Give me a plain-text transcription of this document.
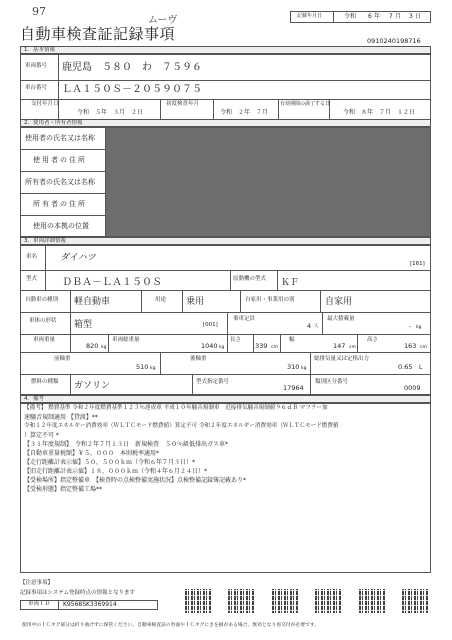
97
ムーヴ
自動車検査証記録事項
記載年月日	令和 6 年 7 月 3 日
0910240198716
1．基本情報
車両番号 鹿児島　５８０　わ　７５９６
車台番号 ＬＡ１５０Ｓ－２０５９０７５
交付年月日
令和　５年　３月　２日
初度検査年月
令和　２年　７月
有効期間の満了する日
令和　８年　７月　１２日
2．使用者・所有者情報
使用者の氏名又は名称
使用者の住所
所有者の氏名又は名称
所有者の住所
使用の本拠の位置
3．車両詳細情報
車名	ダイハツ
[161]
型式 ＤＢＡ－ＬＡ１５０Ｓ	原動機の型式 ＫＦ
自動車の種別 軽自動車	用途 乗用	自家用・事業用の別	自家用
車体の形状 箱型	[001]
乗車定員
4 人
最大積載量
- kg
車両重量
820 kg
車両総重量
1040 kg
長さ
339 cm
幅
147 cm
高さ
163 cm
前軸重
510 kg
後軸重
310 kg
総排気量又は定格出力
0.65 L
燃料の種類 ガソリン	型式指定番号
17964
類別区分番号
0009
4．備考
【備考】 燃費基準 令和２年度燃費基準１２３％達成車 平成１０年騒音規制車　近接排気騒音規制値９６ｄＢ マフラー加
速騒音規制適用 【貸渡】**
令和１２年度エネルギー消費効率（ＷＬＴＣモード燃費値）算定不可 令和２年度エネルギー消費効率（ＷＬＴＣモード燃費値
）算定不可 *
【３１年度規制】　令和２年７月１３日　新規検査　５０％級低排出ガス車*
【自動車重量税額】￥５，０００　本則税率適用*
【走行距離計表示値】５０，５００ｋｍ（令和６年７月３日）*
【旧走行距離計表示値】１８，０００ｋｍ（令和４年６月２４日）*
【受検場所】指定整備車　【検査時の点検整備実施状況】点検整備記録簿記載あり*
【受検形態】指定整備工場**
【注意事項】
記録事項はシステム登録時点の情報となります
車両ＩＤ K9568SK3369914
使用中のＩＣタグ部分は折り曲げずに保管ください。自動車検査証の券面やＩＣタグにきを損がある場合、無効となり再交付が必要です。
